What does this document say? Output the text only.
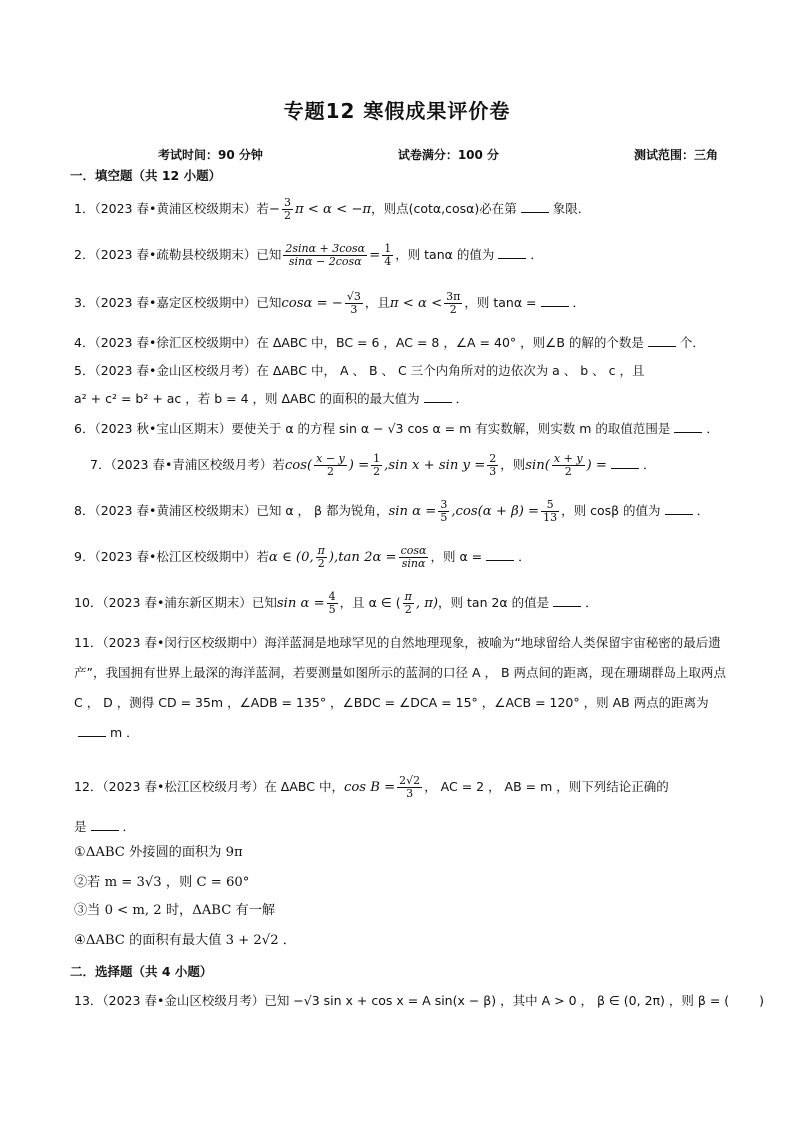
专题12 寒假成果评价卷
考试时间：90 分钟	试卷满分：100 分	测试范围：三角
一．填空题（共 12 小题）
1．（2023 春•黄浦区校级期末）若− $\frac{3}{2}$ π < α < −π，则点(cotα,cosα)必在第	象限．
2．（2023 春•疏勒县校级期末）已知 $\frac{2\sin\alpha + 3\cos\alpha}{\sin\alpha - 2\cos\alpha} = \frac{1}{4}$ ，则 tanα 的值为	．
3．（2023 春•嘉定区校级期中）已知cosα = − $\frac{√3}{3}$ ，且$\pi < \alpha < \frac{3\pi}{2}$ ，则 tanα =	．
4．（2023 春•徐汇区校级期中）在 ΔABC 中，BC = 6 ，AC = 8 ，∠A = 40° ，则∠B 的解的个数是	个．
5．（2023 春•金山区校级月考）在 ΔABC 中， A 、 B 、 C 三个内角所对的边依次为 a 、 b 、 c ，且
a² + c² = b² + ac ，若 b = 4 ，则 ΔABC 的面积的最大值为	．
6．（2023 秋•宝山区期末）要使关于 α 的方程 sin α − √3 cos α = m 有实数解，则实数 m 的取值范围是	．
7．（2023 春•青浦区校级月考）若$\cos( \frac{x - y}{2}$ ) = $\frac{1}{2} ,\sin$ $x + \sin y = \frac{2}{3}$ ，则$\sin( \frac{x + y}{2}$ ) =	．
8．（2023 春•黄浦区校级期末）已知 α ， β 都为锐角，$\sin \alpha = \frac{3}{5} ,\cos(\alpha + \beta) = \frac{5}{13}$ ，则 cosβ 的值为	．
9．（2023 春•松江区校级期中）若α ∈ (0, $\frac{\pi}{2} ),\tan$ $2\alpha = \frac{\cos\alpha}{\sin\alpha}$ ，则 α =	．
10．（2023 春•浦东新区期末）已知$\sin \alpha = \frac{4}{5}$ ，且 α ∈ ( $\frac{\pi}{2}$ , π)，则 tan 2α 的值是	．
11．（2023 春•闵行区校级期中）海洋蓝洞是地球罕见的自然地理现象，被喻为“地球留给人类保留宇宙秘密的最后遗产”，我国拥有世界上最深的海洋蓝洞，若要测量如图所示的蓝洞的口径 A ， B 两点间的距离，现在珊瑚群岛上取两点 C ， D ，测得 CD = 35m ，∠ADB = 135° ，∠BDC = ∠DCA = 15° ，∠ACB = 120° ，则 AB 两点的距离为m ．
12．（2023 春•松江区校级月考）在 ΔABC 中，$\cos B = \frac{2√2}{3}$ ， AC = 2 ， AB = m ，则下列结论正确的
是	．
①ΔABC 外接圆的面积为 9π
②若 m = 3√3 ，则 C = 60°
③当 0 < m, 2 时，ΔABC 有一解
④ΔABC 的面积有最大值 3 + 2√2 ．
二．选择题（共 4 小题）
13．（2023 春•金山区校级月考）已知 −√3 sin x + cos x = A sin(x − β) ，其中 A > 0 ， β ∈ (0, 2π) ，则 β = ( )
